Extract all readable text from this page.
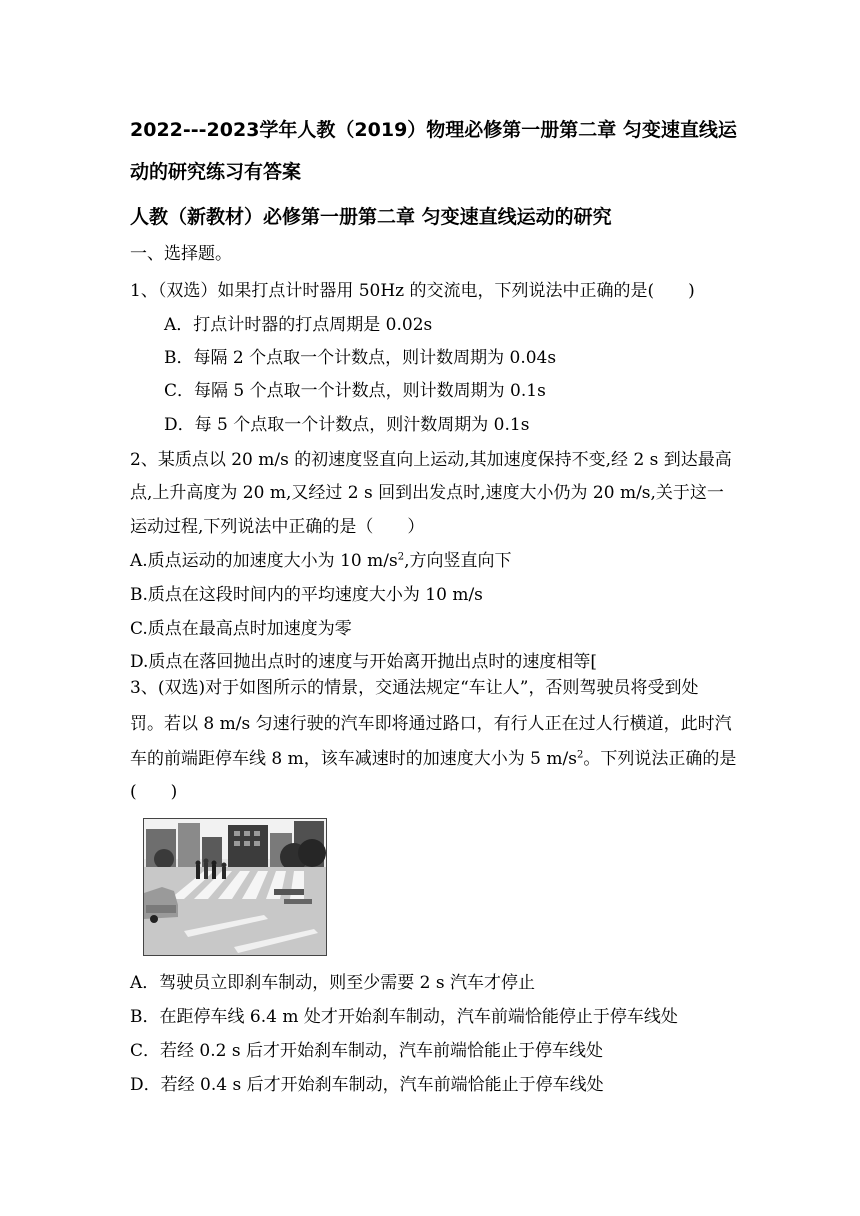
2022---2023学年人教（2019）物理必修第一册第二章 匀变速直线运
动的研究练习有答案
人教（新教材）必修第一册第二章 匀变速直线运动的研究
一、选择题。
1、（双选）如果打点计时器用 50Hz 的交流电，下列说法中正确的是(　　)
A．打点计时器的打点周期是 0.02s
B．每隔 2 个点取一个计数点，则计数周期为 0.04s
C．每隔 5 个点取一个计数点，则计数周期为 0.1s
D．每 5 个点取一个计数点，则汁数周期为 0.1s
2、某质点以 20 m/s 的初速度竖直向上运动,其加速度保持不变,经 2 s 到达最高
点,上升高度为 20 m,又经过 2 s 回到出发点时,速度大小仍为 20 m/s,关于这一
运动过程,下列说法中正确的是（　　）
A.质点运动的加速度大小为 10 $m/s^2$,方向竖直向下
B.质点在这段时间内的平均速度大小为 10 m/s
C.质点在最高点时加速度为零
D.质点在落回抛出点时的速度与开始离开抛出点时的速度相等[
3、(双选)对于如图所示的情景，交通法规定“车让人”，否则驾驶员将受到处
罚。若以 8 m/s 匀速行驶的汽车即将通过路口，有行人正在过人行横道，此时汽
车的前端距停车线 8 m，该车减速时的加速度大小为 5 $m/s^2$。下列说法正确的是
(　　)
A．驾驶员立即刹车制动，则至少需要 2 s 汽车才停止
B．在距停车线 6.4 m 处才开始刹车制动，汽车前端恰能停止于停车线处
C．若经 0.2 s 后才开始刹车制动，汽车前端恰能止于停车线处
D．若经 0.4 s 后才开始刹车制动，汽车前端恰能止于停车线处
